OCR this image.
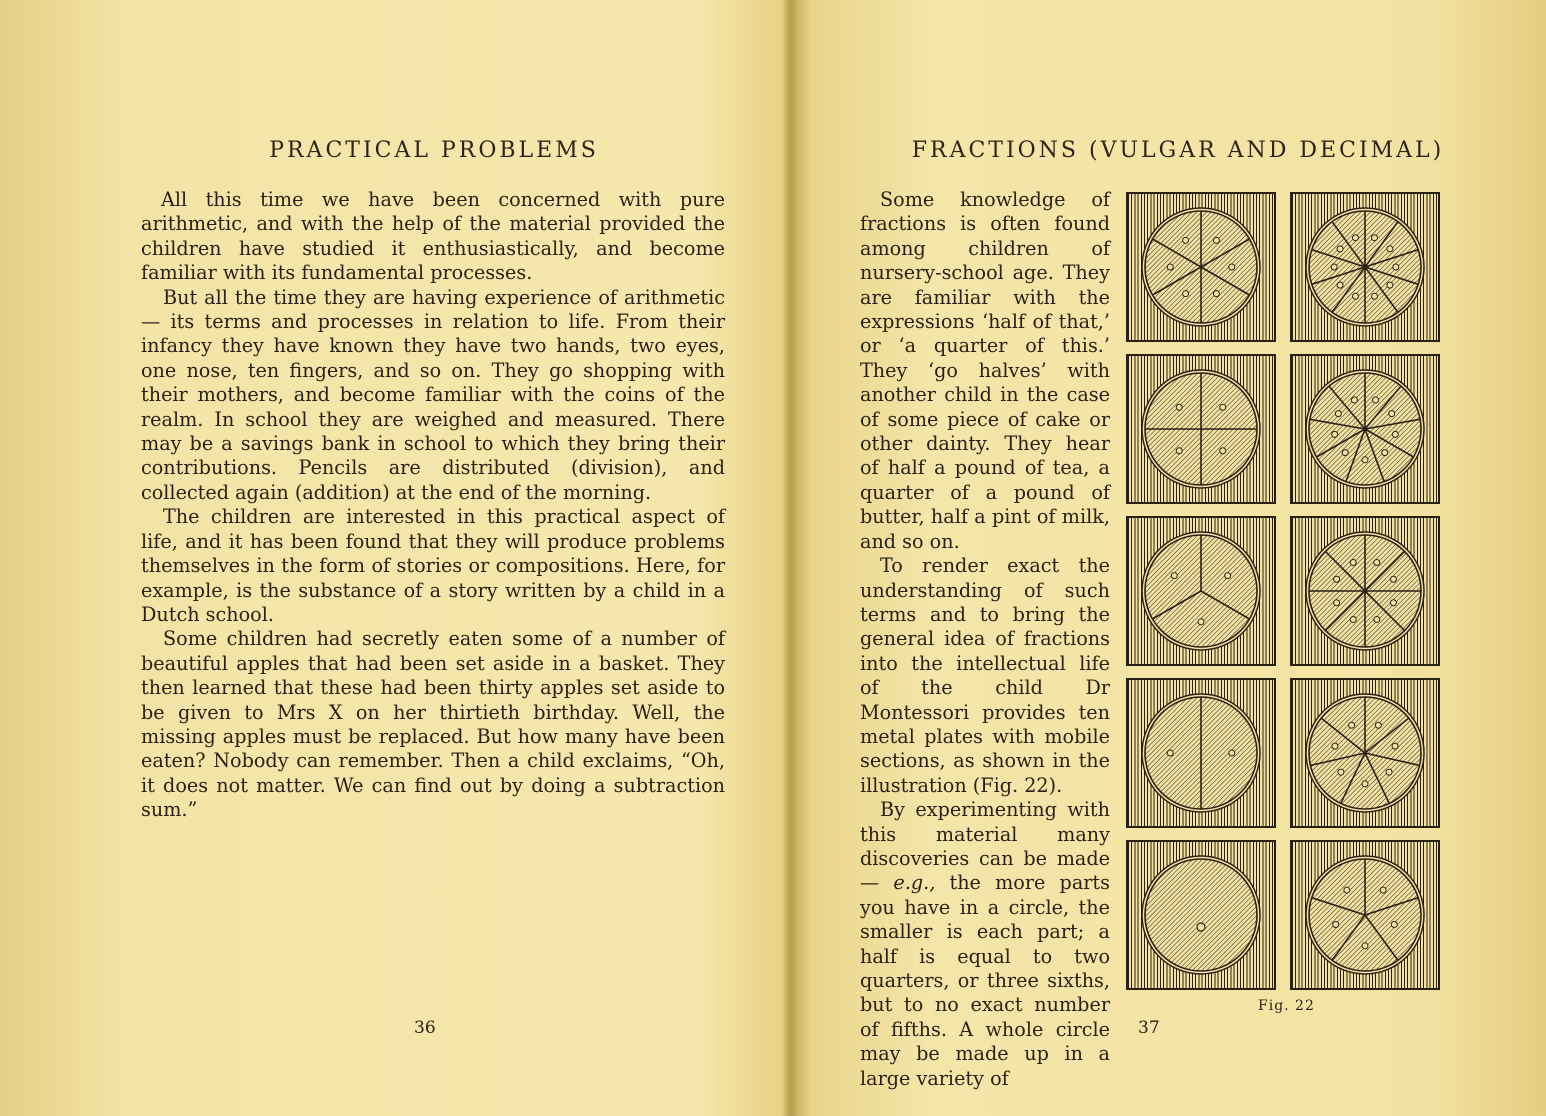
PRACTICAL PROBLEMS

All this time we have been concerned with pure arithmetic, and with the help of the material provided the children have studied it enthusiastically, and become familiar with its fundamental processes.

But all the time they are having experience of arithmetic— its terms and processes in relation to life. From their infancy they have known they have two hands, two eyes, one nose, ten fingers, and so on. They go shopping with their mothers, and become familiar with the coins of the realm. In school they are weighed and measured. There may be a savings bank in school to which they bring their contributions. Pencils are distributed (division), and collected again (addition) at the end of the morning.

The children are interested in this practical aspect of life, and it has been found that they will produce problems themselves in the form of stories or compositions. Here, for example, is the substance of a story written by a child in a Dutch school.

Some children had secretly eaten some of a number of beautiful apples that had been set aside in a basket. They then learned that these had been thirty apples set aside to be given to Mrs X on her thirtieth birthday. Well, the missing apples must be replaced. But how many have been eaten? Nobody can remember. Then a child exclaims, “Oh, it does not matter. We can find out by doing a subtraction sum.”

36
FRACTIONS (VULGAR AND DECIMAL)

Some knowledge of fractions is often found among children of nursery-school age. They are familiar with the expressions ‘half of that,’ or ‘a quarter of this.’ They ‘go halves’ with another child in the case of some piece of cake or other dainty. They hear of half a pound of tea, a quarter of a pound of butter, half a pint of milk, and so on.

To render exact the understanding of such terms and to bring the general idea of fractions into the intellectual life of the child Dr Montessori provides ten metal plates with mobile sections, as shown in the illustration (Fig. 22).

By experimenting with this material many discoveries can be made— e.g., the more parts you have in a circle, the smaller is each part; a half is equal to two quarters, or three sixths, but to no exact number of fifths. A whole circle may be made up in a large variety of

Fig. 22
37
